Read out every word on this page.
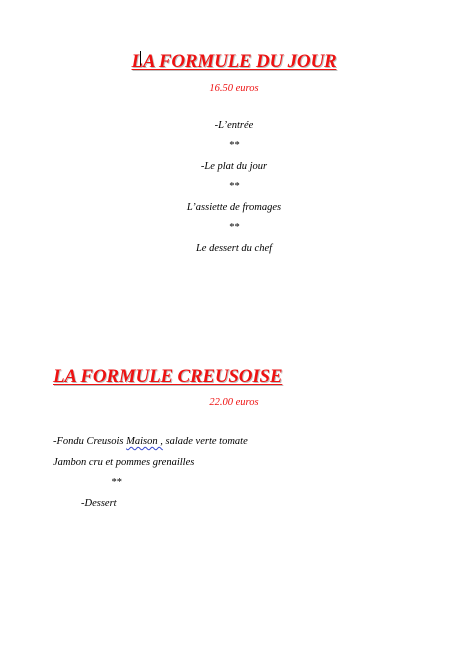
LA FORMULE DU JOUR
16.50 euros
-L’entrée
**
-Le plat du jour
**
L’assiette de fromages
**
Le dessert du chef
LA FORMULE CREUSOISE
22.00 euros
-Fondu Creusois Maison , salade verte tomate
Jambon cru et pommes grenailles
**
-Dessert
